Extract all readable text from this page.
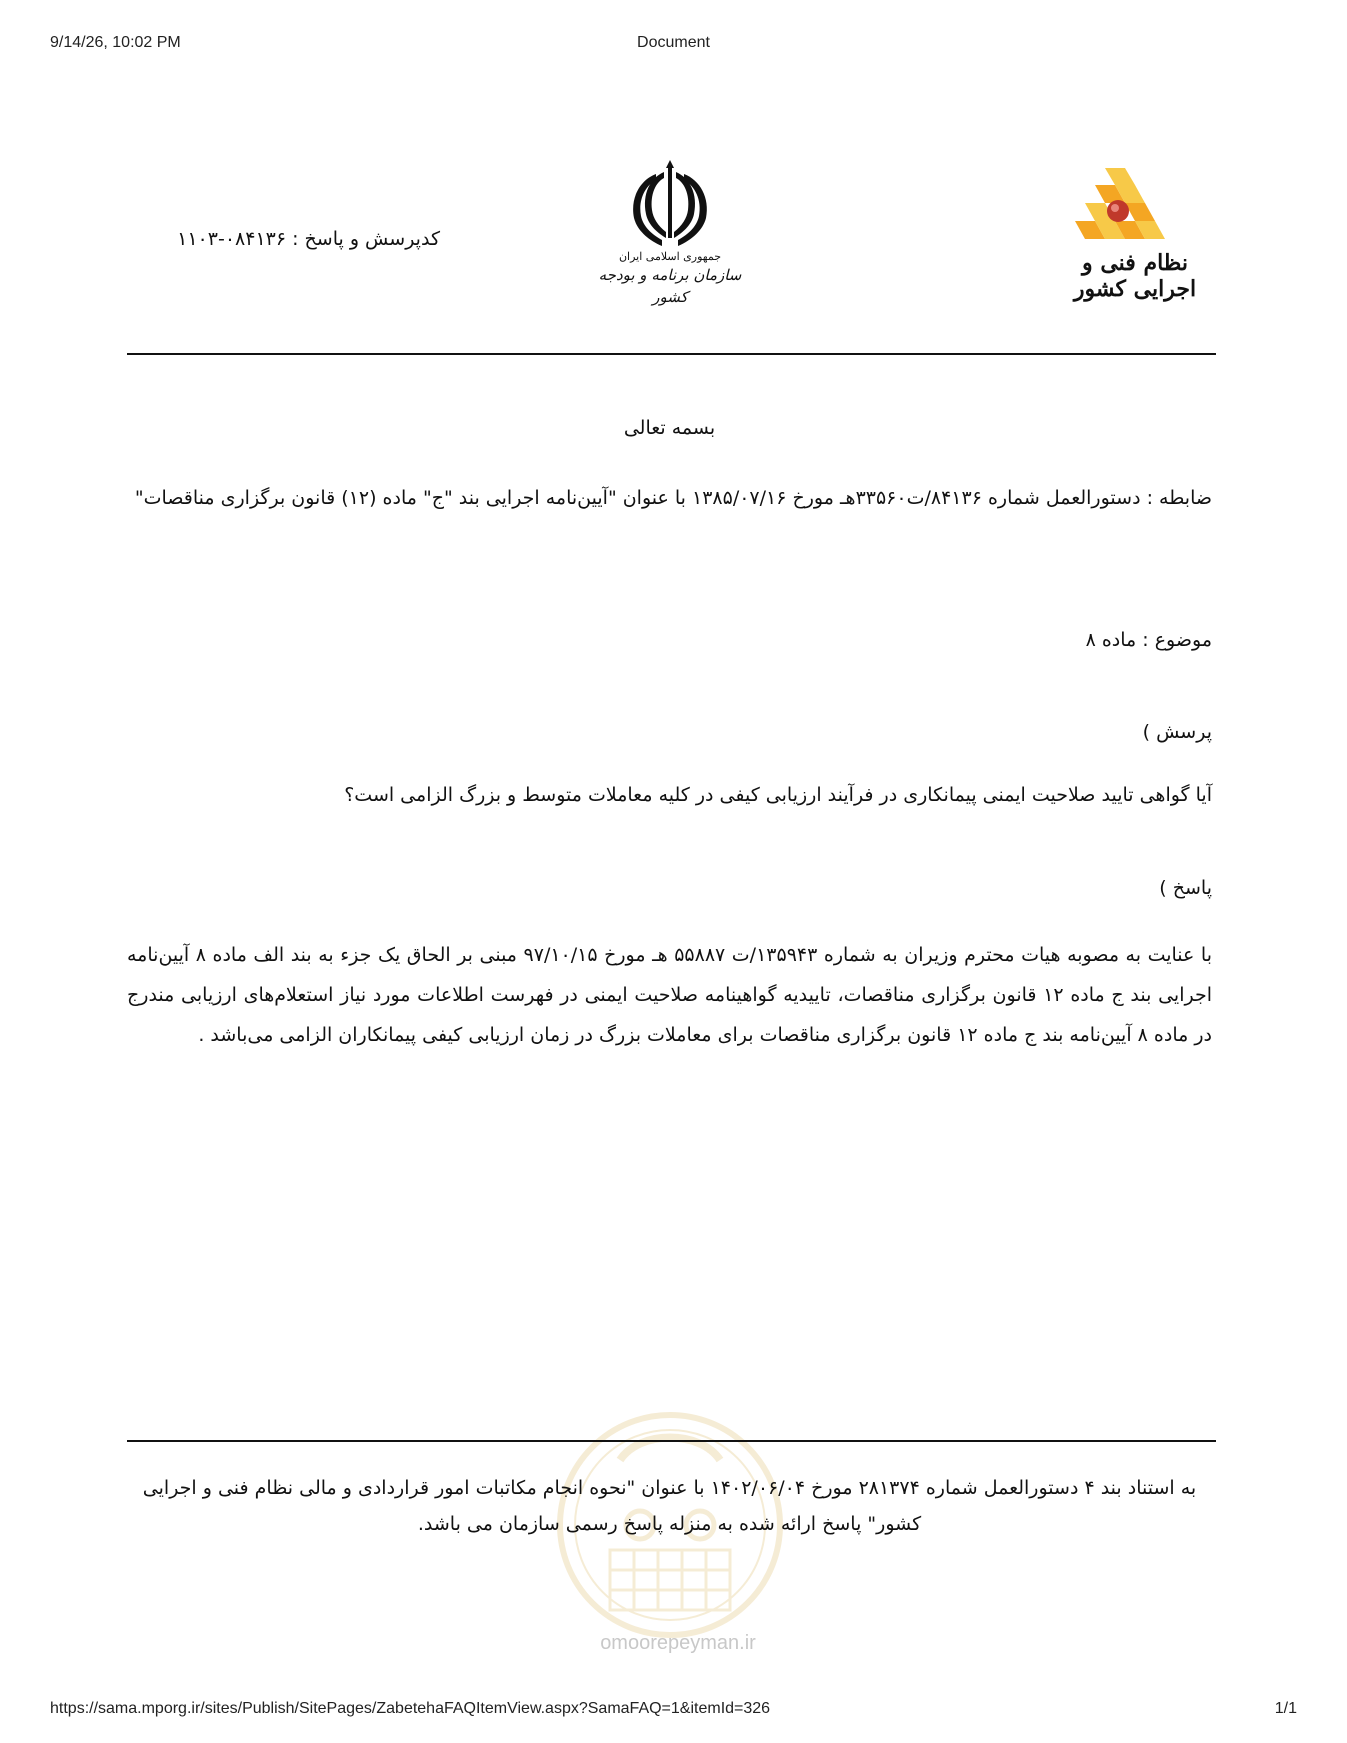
9/14/26, 10:02 PM	Document
نظام فنی و اجرایی کشور
جمهوری اسلامی ایران
سازمان برنامه و بودجه کشور
کدپرسش و پاسخ : ۰۸۴۱۳۶-۱۱۰۳
بسمه تعالی
ضابطه : دستورالعمل شماره ۸۴۱۳۶/ت۳۳۵۶۰هـ مورخ ۱۳۸۵/۰۷/۱۶ با عنوان "آیین‌نامه اجرایی بند "ج" ماده (۱۲) قانون برگزاری مناقصات"
موضوع : ماده ۸
پرسش )
آیا گواهی تایید صلاحیت ایمنی پیمانکاری در فرآیند ارزیابی کیفی در کلیه معاملات متوسط و بزرگ الزامی است؟
پاسخ )
با عنایت به مصوبه هیات محترم وزیران به شماره ۱۳۵۹۴۳/ت ۵۵۸۸۷ هـ مورخ ۹۷/۱۰/۱۵ مبنی بر الحاق یک جزء به بند الف ماده ۸ آیین‌نامه اجرایی بند ج ماده ۱۲ قانون برگزاری مناقصات، تاییدیه گواهینامه صلاحیت ایمنی در فهرست اطلاعات مورد نیاز استعلام‌های ارزیابی مندرج در ماده ۸ آیین‌نامه بند ج ماده ۱۲ قانون برگزاری مناقصات برای معاملات بزرگ در زمان ارزیابی کیفی پیمانکاران الزامی می‌باشد .
به استناد بند ۴ دستورالعمل شماره ۲۸۱۳۷۴ مورخ ۱۴۰۲/۰۶/۰۴ با عنوان "نحوه انجام مکاتبات امور قراردادی و مالی نظام فنی و اجرایی کشور" پاسخ ارائه شده به منزله پاسخ رسمی سازمان می باشد.
omoorepeyman.ir
https://sama.mporg.ir/sites/Publish/SitePages/ZabetehaFAQItemView.aspx?SamaFAQ=1&itemId=326	1/1
